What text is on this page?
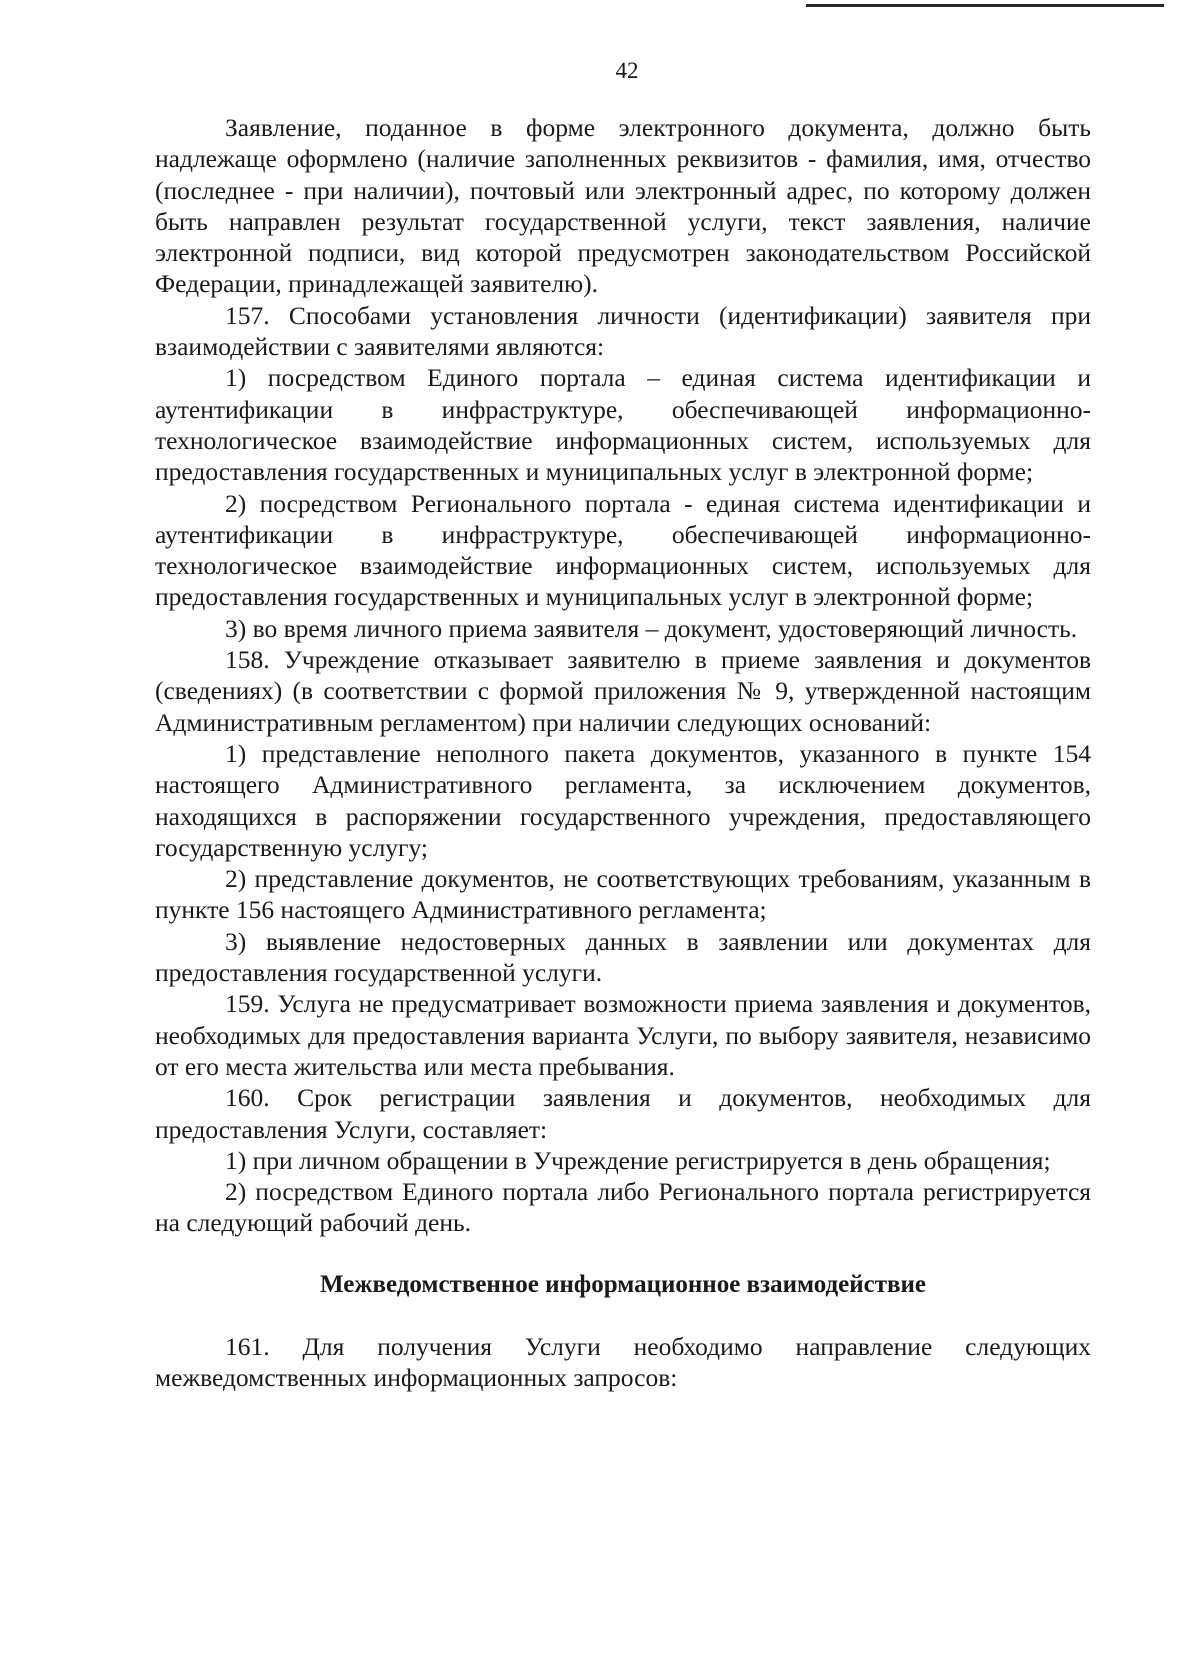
42

Заявление, поданное в форме электронного документа, должно быть надлежаще оформлено (наличие заполненных реквизитов - фамилия, имя, отчество (последнее - при наличии), почтовый или электронный адрес, по которому должен быть направлен результат государственной услуги, текст заявления, наличие электронной подписи, вид которой предусмотрен законодательством Российской Федерации, принадлежащей заявителю).

157. Способами установления личности (идентификации) заявителя при взаимодействии с заявителями являются:

1) посредством Единого портала – единая система идентификации и аутентификации в инфраструктуре, обеспечивающей информационно-технологическое взаимодействие информационных систем, используемых для предоставления государственных и муниципальных услуг в электронной форме;

2) посредством Регионального портала - единая система идентификации и аутентификации в инфраструктуре, обеспечивающей информационно-технологическое взаимодействие информационных систем, используемых для предоставления государственных и муниципальных услуг в электронной форме;

3) во время личного приема заявителя – документ, удостоверяющий личность.

158. Учреждение отказывает заявителю в приеме заявления и документов (сведениях) (в соответствии с формой приложения № 9, утвержденной настоящим Административным регламентом) при наличии следующих оснований:

1) представление неполного пакета документов, указанного в пункте 154 настоящего Административного регламента, за исключением документов, находящихся в распоряжении государственного учреждения, предоставляющего государственную услугу;

2) представление документов, не соответствующих требованиям, указанным в пункте 156 настоящего Административного регламента;

3) выявление недостоверных данных в заявлении или документах для предоставления государственной услуги.

159. Услуга не предусматривает возможности приема заявления и документов, необходимых для предоставления варианта Услуги, по выбору заявителя, независимо от его места жительства или места пребывания.

160. Срок регистрации заявления и документов, необходимых для предоставления Услуги, составляет:

1) при личном обращении в Учреждение регистрируется в день обращения;

2) посредством Единого портала либо Регионального портала регистрируется на следующий рабочий день.

Межведомственное информационное взаимодействие

161. Для получения Услуги необходимо направление следующих межведомственных информационных запросов:
